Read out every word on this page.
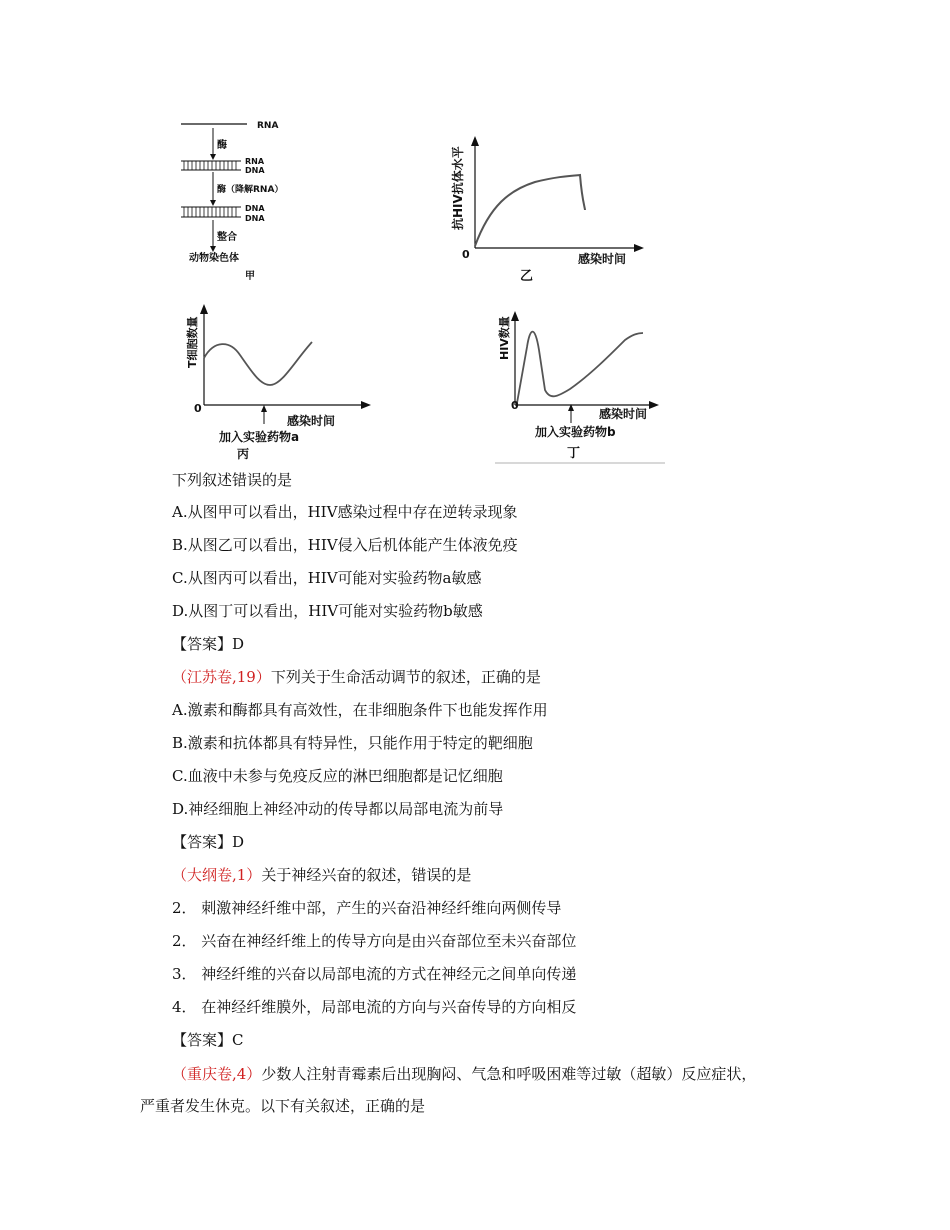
RNA
酶
RNA
DNA
酶（降解RNA）
DNA
DNA
整合
动物染色体
甲
抗HIV抗体水平
0	感染时间
乙
T细胞数量
0
感染时间
加入实验药物a
丙
HIV数量
0
感染时间
加入实验药物b
丁
下列叙述错误的是
A.从图甲可以看出，HIV感染过程中存在逆转录现象
B.从图乙可以看出，HIV侵入后机体能产生体液免疫
C.从图丙可以看出，HIV可能对实验药物a敏感
D.从图丁可以看出，HIV可能对实验药物b敏感
【答案】D
（江苏卷,19）下列关于生命活动调节的叙述，正确的是
A.激素和酶都具有高效性，在非细胞条件下也能发挥作用
B.激素和抗体都具有特异性，只能作用于特定的靶细胞
C.血液中未参与免疫反应的淋巴细胞都是记忆细胞
D.神经细胞上神经冲动的传导都以局部电流为前导
【答案】D
（大纲卷,1）关于神经兴奋的叙述，错误的是
2． 刺激神经纤维中部，产生的兴奋沿神经纤维向两侧传导
2． 兴奋在神经纤维上的传导方向是由兴奋部位至未兴奋部位
3． 神经纤维的兴奋以局部电流的方式在神经元之间单向传递
4． 在神经纤维膜外，局部电流的方向与兴奋传导的方向相反
【答案】C
（重庆卷,4）少数人注射青霉素后出现胸闷、气急和呼吸困难等过敏（超敏）反应症状，
严重者发生休克。以下有关叙述，正确的是
